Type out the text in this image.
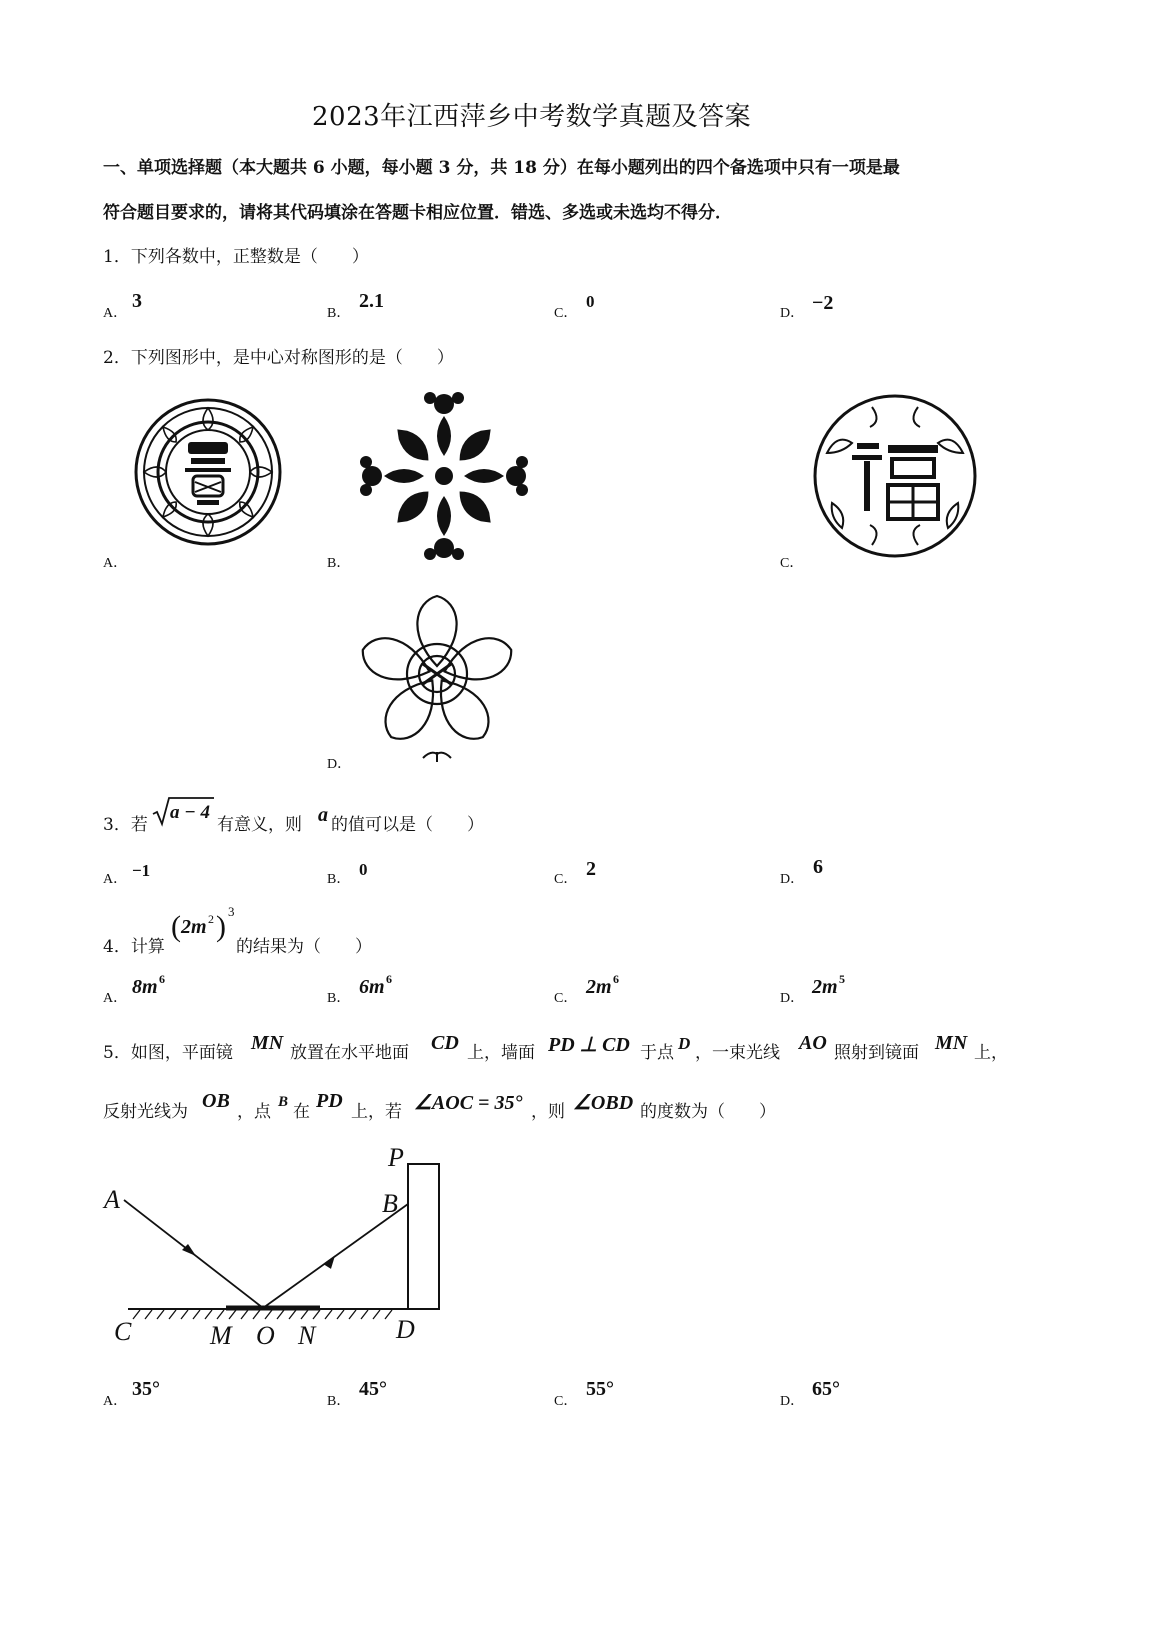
2023年江西萍乡中考数学真题及答案
一、单项选择题（本大题共 6 小题，每小题 3 分，共 18 分）在每小题列出的四个备选项中只有一项是最
符合题目要求的，请将其代码填涂在答题卡相应位置．错选、多选或未选均不得分．
1．下列各数中，正整数是（　　）
A．
3
B．
2.1
C．
0
D． −2
2．下列图形中，是中心对称图形的是（　　）
A．	B．	C．
D．
3．若
a − 4
有意义，则 a 的值可以是（　　）
A． −1	B．
0
C． 2	D．
6
4．计算
( 2m 2 ) 3
的结果为（　　）
A．
8m 6
B．
6m 6
C．
2m 6
D．
2m 5
5．如图，平面镜 MN 放置在水平地面 CD 上，墙面 PD ⊥ CD 于点 D ，一束光线 AO 照射到镜面 MN 上，
反射光线为 OB ，点 B 在 PD 上，若 ∠AOC = 35° ，则 ∠OBD 的度数为（　　）
A	B
P
C	M O N	D
A．
35°
B．
45°
C．
55°
D．
65°
